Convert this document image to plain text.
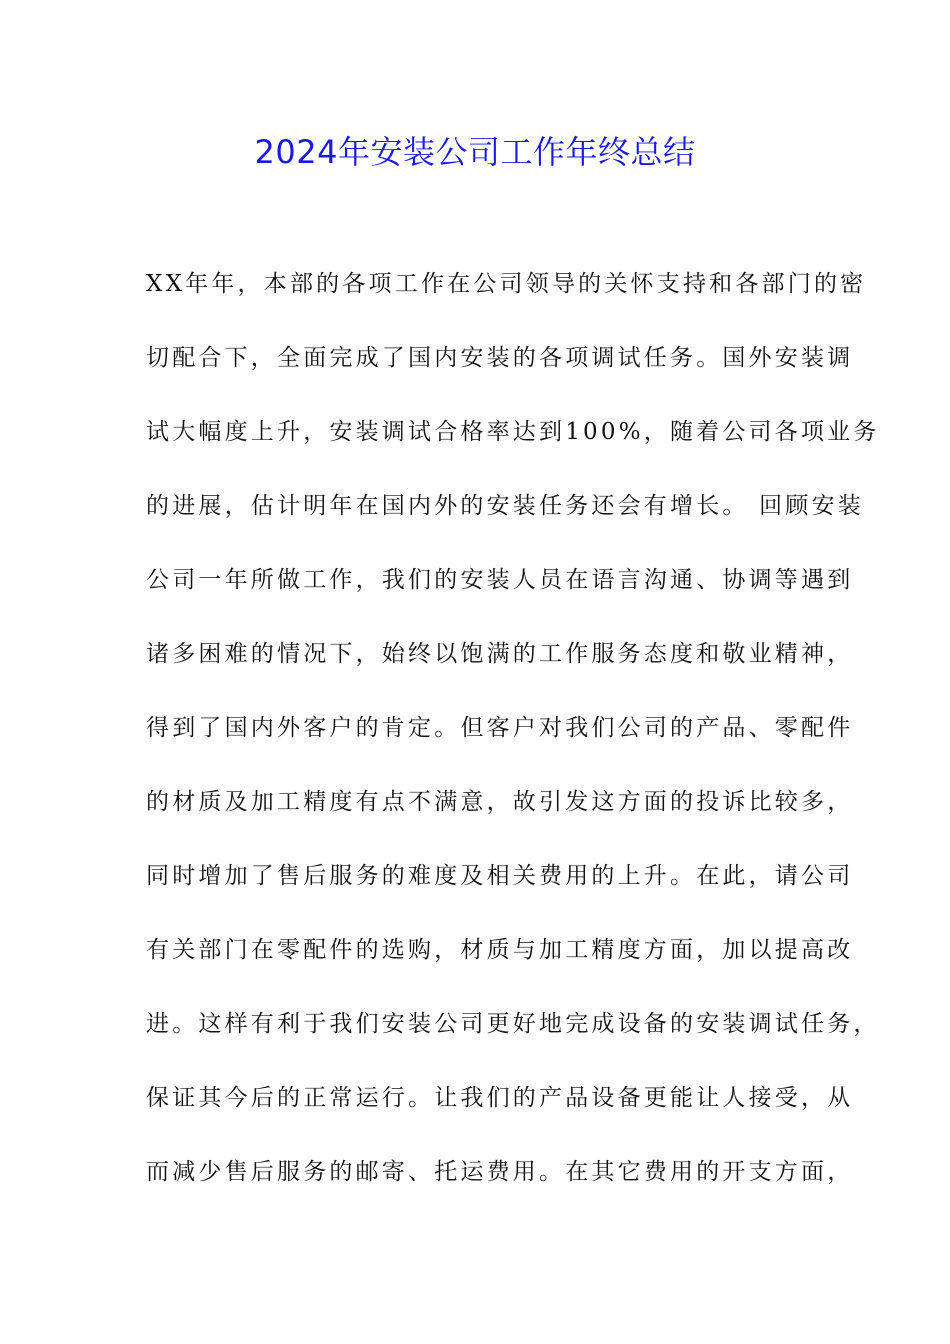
2024年安装公司工作年终总结
XX年年，本部的各项工作在公司领导的关怀支持和各部门的密
切配合下，全面完成了国内安装的各项调试任务。国外安装调
试大幅度上升，安装调试合格率达到100%，随着公司各项业务
的进展，估计明年在国内外的安装任务还会有增长。 回顾安装
公司一年所做工作，我们的安装人员在语言沟通、协调等遇到
诸多困难的情况下，始终以饱满的工作服务态度和敬业精神，
得到了国内外客户的肯定。但客户对我们公司的产品、零配件
的材质及加工精度有点不满意，故引发这方面的投诉比较多，
同时增加了售后服务的难度及相关费用的上升。在此，请公司
有关部门在零配件的选购，材质与加工精度方面，加以提高改
进。这样有利于我们安装公司更好地完成设备的安装调试任务，
保证其今后的正常运行。让我们的产品设备更能让人接受，从
而减少售后服务的邮寄、托运费用。在其它费用的开支方面，
